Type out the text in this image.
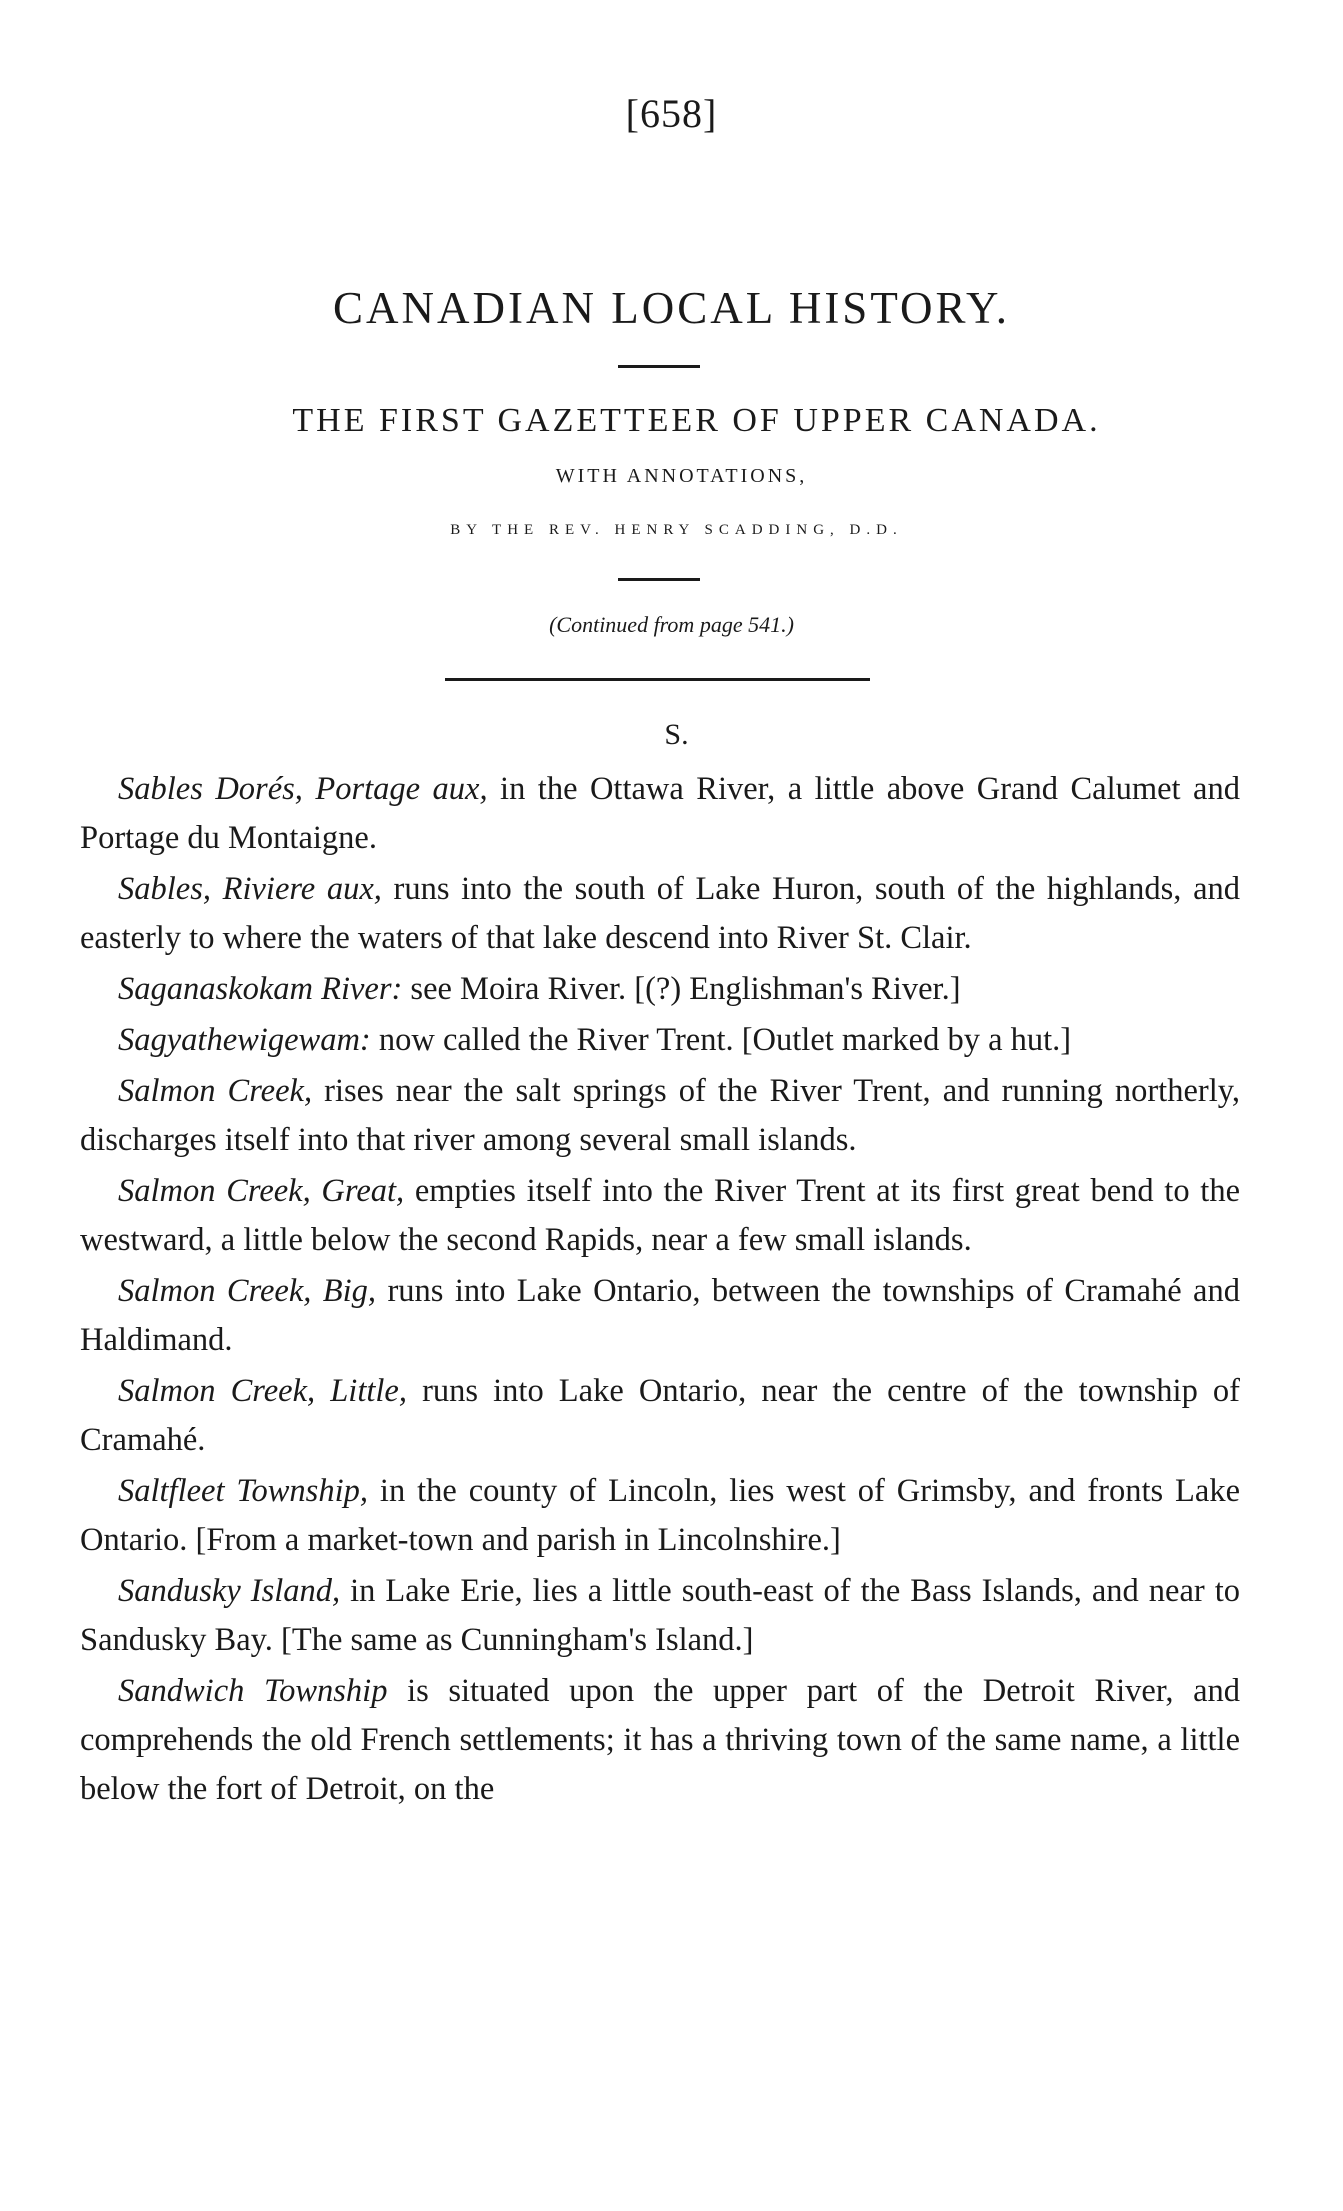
[658]
CANADIAN LOCAL HISTORY.
THE FIRST GAZETTEER OF UPPER CANADA.
WITH ANNOTATIONS,
BY THE REV. HENRY SCADDING, D.D.
(Continued from page 541.)
S.

Sables Dorés, Portage aux, in the Ottawa River, a little above Grand Calumet and Portage du Montaigne.

Sables, Riviere aux, runs into the south of Lake Huron, south of the highlands, and easterly to where the waters of that lake descend into River St. Clair.

Saganaskokam River: see Moira River. [(?) Englishman's River.]

Sagyathewigewam: now called the River Trent. [Outlet marked by a hut.]

Salmon Creek, rises near the salt springs of the River Trent, and running northerly, discharges itself into that river among several small islands.

Salmon Creek, Great, empties itself into the River Trent at its first great bend to the westward, a little below the second Rapids, near a few small islands.

Salmon Creek, Big, runs into Lake Ontario, between the townships of Cramahé and Haldimand.

Salmon Creek, Little, runs into Lake Ontario, near the centre of the township of Cramahé.

Saltfleet Township, in the county of Lincoln, lies west of Grimsby, and fronts Lake Ontario. [From a market-town and parish in Lincolnshire.]

Sandusky Island, in Lake Erie, lies a little south-east of the Bass Islands, and near to Sandusky Bay. [The same as Cunningham's Island.]

Sandwich Township is situated upon the upper part of the Detroit River, and comprehends the old French settlements; it has a thriving town of the same name, a little below the fort of Detroit, on the
